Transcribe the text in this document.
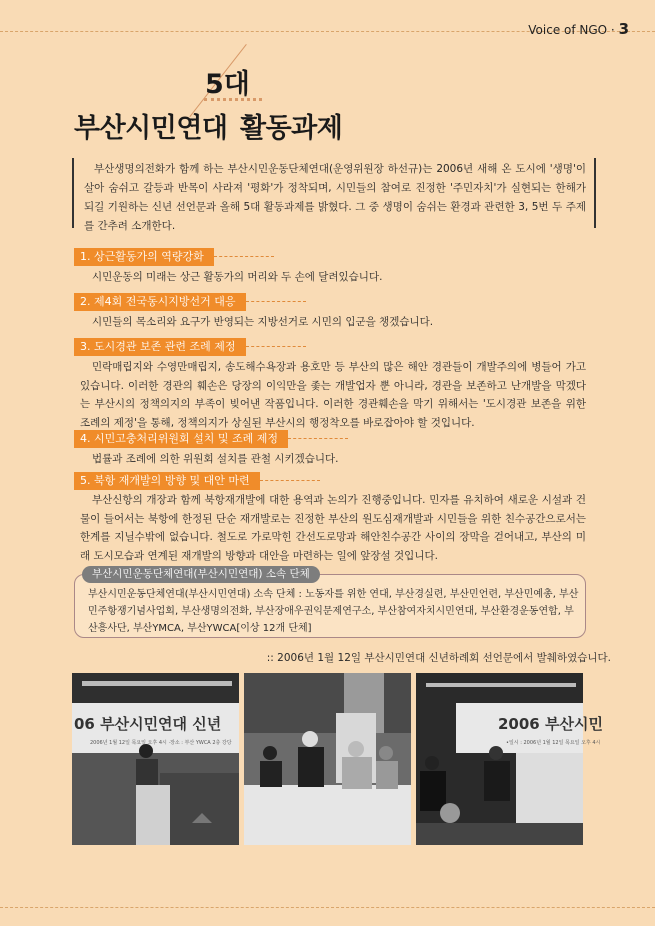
Voice of NGO · 3
부산시민연대
5대
활동과제
부산생명의전화가 함께 하는 부산시민운동단체연대(운영위원장 하선규)는 2006년 새해 온 도시에 '생명'이 살아 숨쉬고 갈등과 반목이 사라져 '평화'가 정착되며, 시민들의 참여로 진정한 '주민자치'가 실현되는 한해가 되길 기원하는 신년 선언문과 올해 5대 활동과제를 밝혔다. 그 중 생명이 숨쉬는 환경과 관련한 3, 5번 두 주제를 간추려 소개한다.
1. 상근활동가의 역량강화
시민운동의 미래는 상근 활동가의 머리와 두 손에 달려있습니다.
2. 제4회 전국동시지방선거 대응
시민들의 목소리와 요구가 반영되는 지방선거로 시민의 입군을 챙겠습니다.
3. 도시경관 보존 관련 조례 제정
민락매립지와 수영만매립지, 송도해수욕장과 용호만 등 부산의 많은 해안 경관들이 개발주의에 병들어 가고 있습니다. 이러한 경관의 훼손은 당장의 이익만을 좇는 개발업자 뿐 아니라, 경관을 보존하고 난개발을 막겠다는 부산시의 정책의지의 부족이 빚어낸 작품입니다. 이러한 경관훼손을 막기 위해서는 '도시경관 보존을 위한 조례의 제정'을 통해, 정책의지가 상실된 부산시의 행정착오를 바로잡아야 할 것입니다.
4. 시민고충처리위원회 설치 및 조례 제정
법률과 조례에 의한 위원회 설치를 관철 시키겠습니다.
5. 북항 재개발의 방향 및 대안 마련
부산신항의 개장과 함께 북항재개발에 대한 용역과 논의가 진행중입니다. 민자를 유치하여 새로운 시설과 건물이 들어서는 북항에 한정된 단순 재개발로는 진정한 부산의 원도심재개발과 시민들을 위한 친수공간으로서는 한계를 지닐수밖에 없습니다. 철도로 가로막힌 간선도로망과 해안친수공간 사이의 장막을 걷어내고, 부산의 미래 도시모습과 연계된 재개발의 방향과 대안을 마련하는 일에 앞장설 것입니다.
부산시민운동단체연대(부산시민연대) 소속 단체
부산시민운동단체연대(부산시민연대) 소속 단체 : 노동자를 위한 연대, 부산경실련, 부산민언련, 부산민예총, 부산민주항쟁기념사업회, 부산생명의전화, 부산장애우권익문제연구소, 부산참여자치시민연대, 부산환경운동연합, 부산흥사단, 부산YMCA, 부산YWCA[이상 12개 단체]
:: 2006년 1월 12일 부산시민연대 신년하례회 선언문에서 발췌하였습니다.
06 부산시민연대 신년
2006년 1월 12일 목요일 오후 4시 ·장소 : 부산 YWCA 2층 강당
2006 부산시민
•일시 : 2006년 1월 12일 목요일 오후 4시
